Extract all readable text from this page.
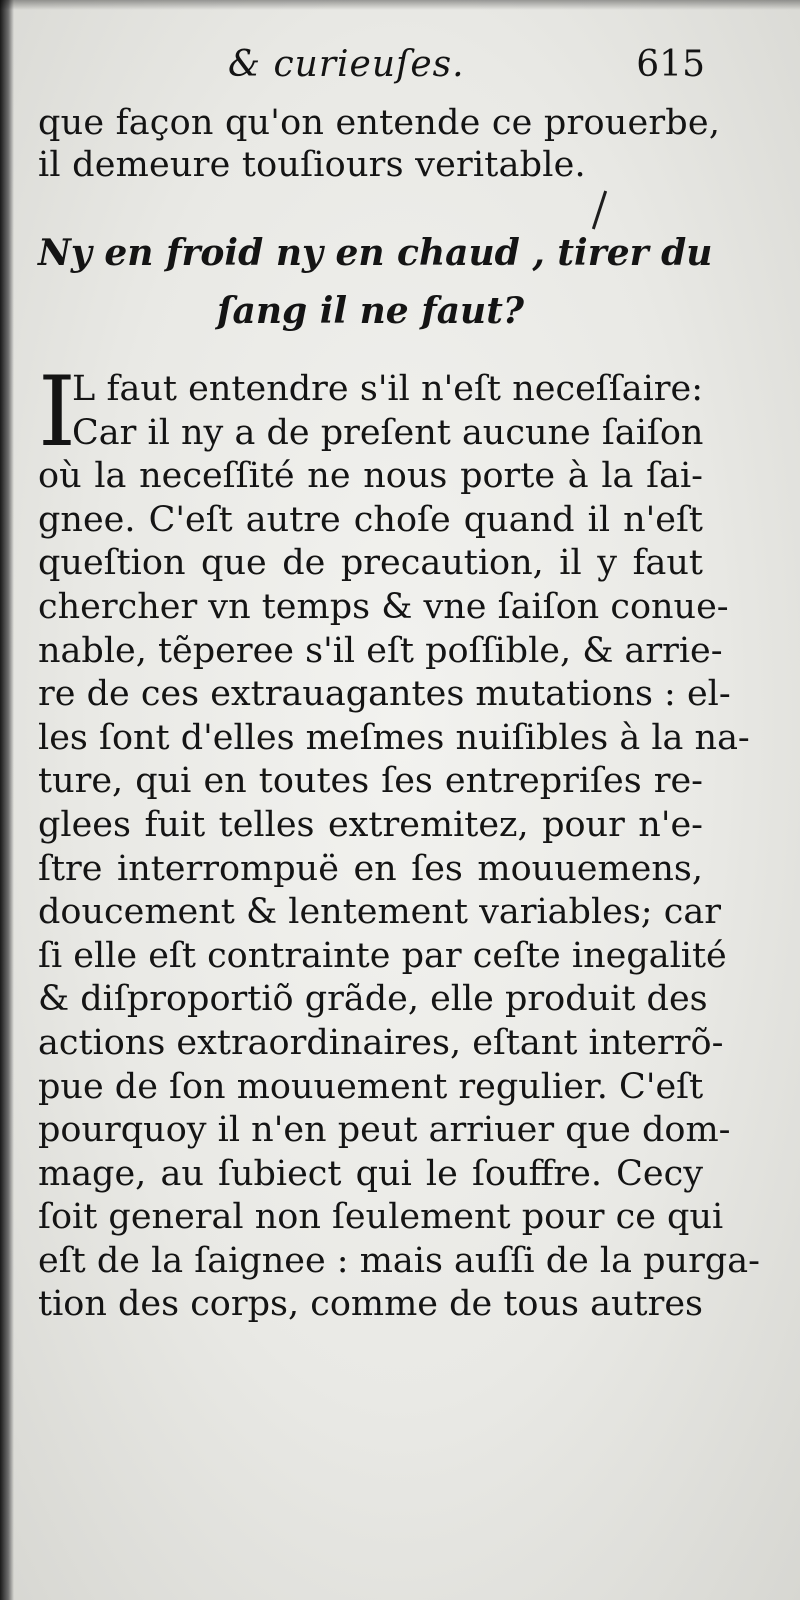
& curieuſes.	615
que façon qu'on entende ce prouerbe,
il demeure touſiours veritable.
Ny en froid ny en chaud , tirer du
ſang il ne faut?
I
L faut entendre s'il n'eſt neceſſaire:
Car il ny a de preſent aucune ſaiſon
où la neceſſité ne nous porte à la ſai-
gnee. C'eſt autre choſe quand il n'eſt
queſtion que de precaution, il y faut
chercher vn temps & vne ſaiſon conue-
nable, tẽperee s'il eſt poſſible, & arrie-
re de ces extrauagantes mutations : el-
les ſont d'elles meſmes nuiſibles à la na-
ture, qui en toutes ſes entrepriſes re-
glees fuit telles extremitez, pour n'e-
ſtre interrompuë en ſes mouuemens,
doucement & lentement variables; car
ſi elle eſt contrainte par ceſte inegalité
& diſproportiõ grãde, elle produit des
actions extraordinaires, eſtant interrõ-
pue de ſon mouuement regulier. C'eſt
pourquoy il n'en peut arriuer que dom-
mage, au ſubiect qui le ſouffre. Cecy
ſoit general non ſeulement pour ce qui
eſt de la ſaignee : mais auſſi de la purga-
tion des corps, comme de tous autres
